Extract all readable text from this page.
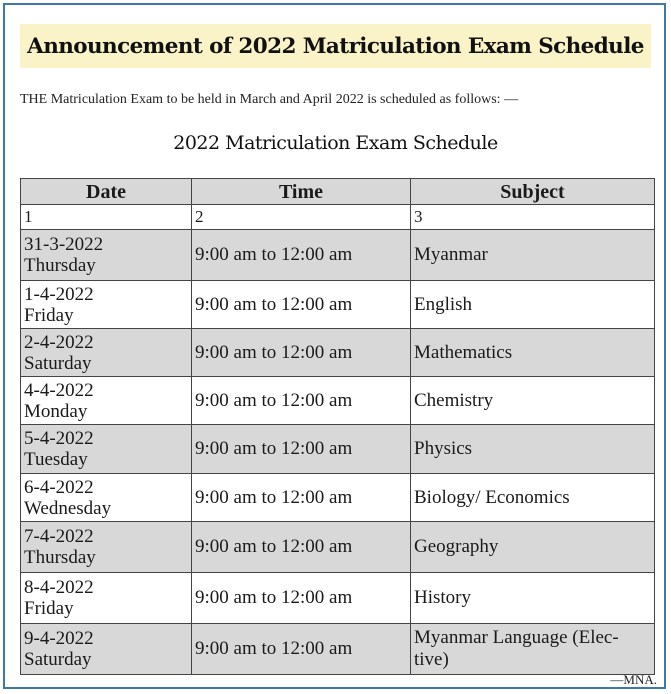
Announcement of 2022 Matriculation Exam Schedule
THE Matriculation Exam to be held in March and April 2022 is scheduled as follows: —
2022 Matriculation Exam Schedule
Date	Time	Subject
1	2	3

31-3-2022
Thursday	9:00 am to 12:00 am	Myanmar

1-4-2022
Friday	9:00 am to 12:00 am	English

2-4-2022
Saturday	9:00 am to 12:00 am	Mathematics

4-4-2022
Monday	9:00 am to 12:00 am	Chemistry

5-4-2022
Tuesday	9:00 am to 12:00 am	Physics

6-4-2022
Wednesday	9:00 am to 12:00 am	Biology/ Economics

7-4-2022
Thursday	9:00 am to 12:00 am	Geography

8-4-2022
Friday	9:00 am to 12:00 am	History

9-4-2022
Saturday	9:00 am to 12:00 am	Myanmar Language (Elec-tive)
—MNA.
